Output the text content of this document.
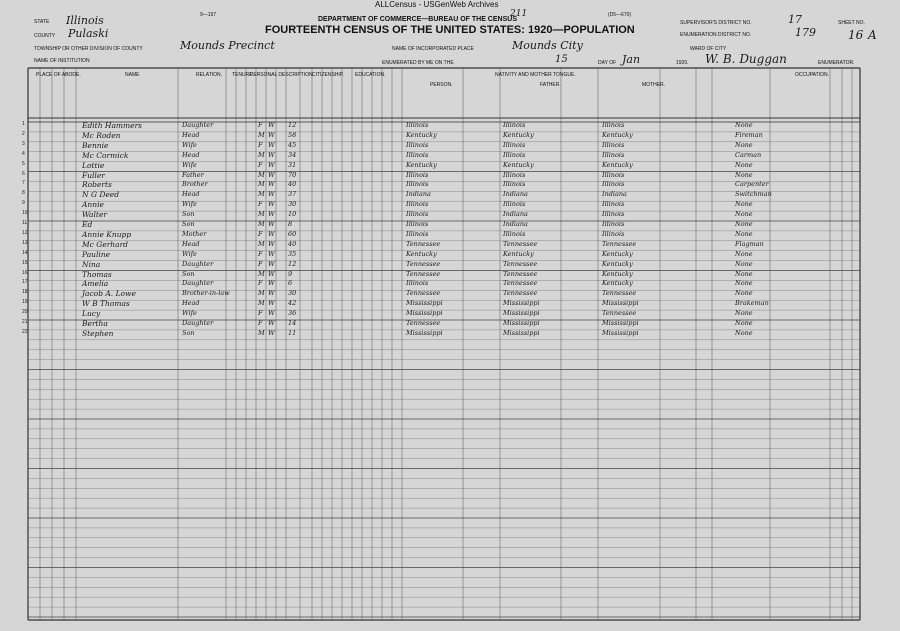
ALLCensus - USGenWeb Archives
9—197	211	(D5—670)
DEPARTMENT OF COMMERCE—BUREAU OF THE CENSUS
FOURTEENTH CENSUS OF THE UNITED STATES: 1920—POPULATION
STATE Illinois
COUNTY Pulaski
TOWNSHIP OR OTHER DIVISION OF COUNTY	Mounds Precinct
NAME OF INSTITUTION
NAME OF INCORPORATED PLACE	Mounds City
ENUMERATED BY ME ON THE	15	DAY OF Jan	1920. W. B. Duggan	ENUMERATOR.
SUPERVISOR'S DISTRICT NO.	17
ENUMERATION DISTRICT NO.	179
WARD OF CITY
SHEET NO.
16 A
PLACE OF ABODE.	NAME	RELATION. TENURE.
PERSONAL DESCRIPTION.
CITIZENSHIP. EDUCATION.	NATIVITY AND MOTHER TONGUE.
PERSON.	FATHER.	MOTHER.
OCCUPATION.
1	Edith Hammers	Daughter	F W 12	Illinois	Illinois	Illinois	None
2	Mc Roden	Head	M W 58	Kentucky	Kentucky	Kentucky	Fireman
3	Bennie	Wife	F W 45	Illinois	Illinois	Illinois	None
4	Mc Cormick	Head	M W 34	Illinois	Illinois	Illinois	Carman
5	Lottie	Wife	F W 31	Kentucky	Kentucky	Kentucky	None
6	Fuller	Father	M W 70	Illinois	Illinois	Illinois	None
7	Roberts	Brother	M W 40	Illinois	Illinois	Illinois	Carpenter
8	N G Deed	Head	M W 37	Indiana	Indiana	Indiana	Switchman
9	Annie	Wife	F W 30	Illinois	Illinois	Illinois	None
10	Walter	Son	M W 10	Illinois	Indiana	Illinois	None
11	Ed	Son	M W 8	Illinois	Indiana	Illinois	None
12	Annie Knupp	Mother	F W 60	Illinois	Illinois	Illinois	None
13	Mc Gerhard	Head	M W 40	Tennessee	Tennessee	Tennessee	Flagman
14	Pauline	Wife	F W 35	Kentucky	Kentucky	Kentucky	None
15	Nina	Daughter	F W 12	Tennessee	Tennessee	Kentucky	None
16	Thomas	Son	M W 9	Tennessee	Tennessee	Kentucky	None
17	Amelia	Daughter	F W 6	Illinois	Tennessee	Kentucky	None
18	Jacob A. Lowe	Brother-in-law	M W 30	Tennessee	Tennessee	Tennessee	None
19	W B Thomas	Head	M W 42	Mississippi	Mississippi	Mississippi	Brakeman
20	Lucy	Wife	F W 36	Mississippi	Mississippi	Tennessee	None
21	Bertha	Daughter	F W 14	Tennessee	Mississippi	Mississippi	None
22	Stephen	Son	M W 11	Mississippi	Mississippi	Mississippi	None
